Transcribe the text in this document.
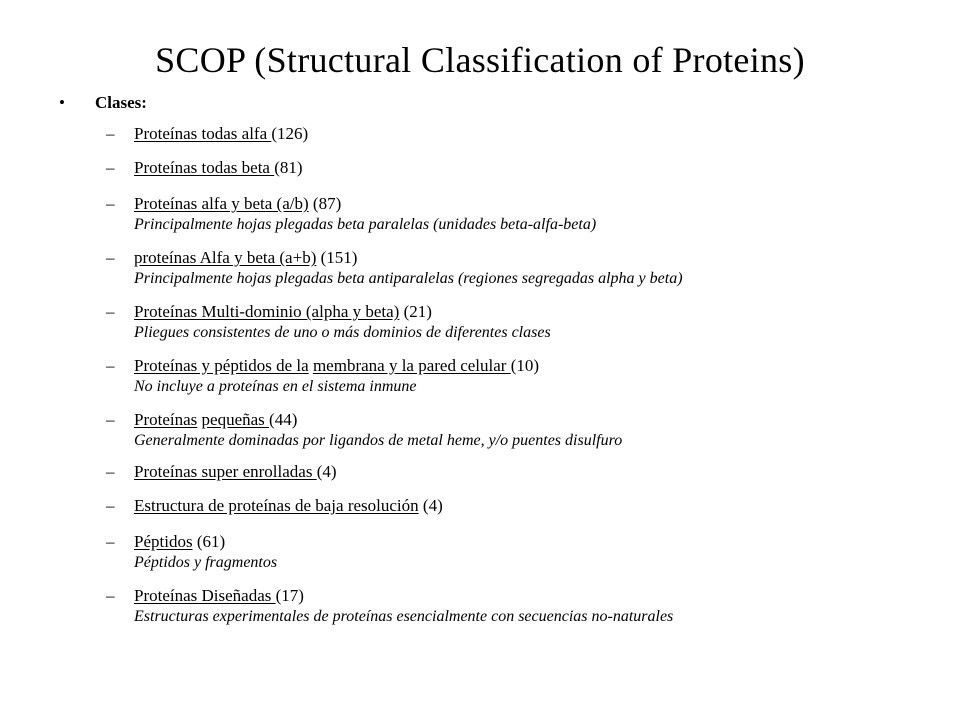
SCOP (Structural Classification of Proteins)
• Clases:
– Proteínas todas alfa (126)
– Proteínas todas beta (81)
– Proteínas alfa y beta (a/b) (87)
Principalmente hojas plegadas beta paralelas (unidades beta-alfa-beta)
– proteínas Alfa y beta (a+b) (151)
Principalmente hojas plegadas beta antiparalelas (regiones segregadas alpha y beta)
– Proteínas Multi-dominio (alpha y beta) (21)
Pliegues consistentes de uno o más dominios de diferentes clases
– Proteínas y péptidos de la membrana y la pared celular (10)
No incluye a proteínas en el sistema inmune
– Proteínas pequeñas (44)
Generalmente dominadas por ligandos de metal heme, y/o puentes disulfuro
– Proteínas super enrolladas (4)
– Estructura de proteínas de baja resolución (4)
– Péptidos (61)
Péptidos y fragmentos
– Proteínas Diseñadas (17)
Estructuras experimentales de proteínas esencialmente con secuencias no-naturales
